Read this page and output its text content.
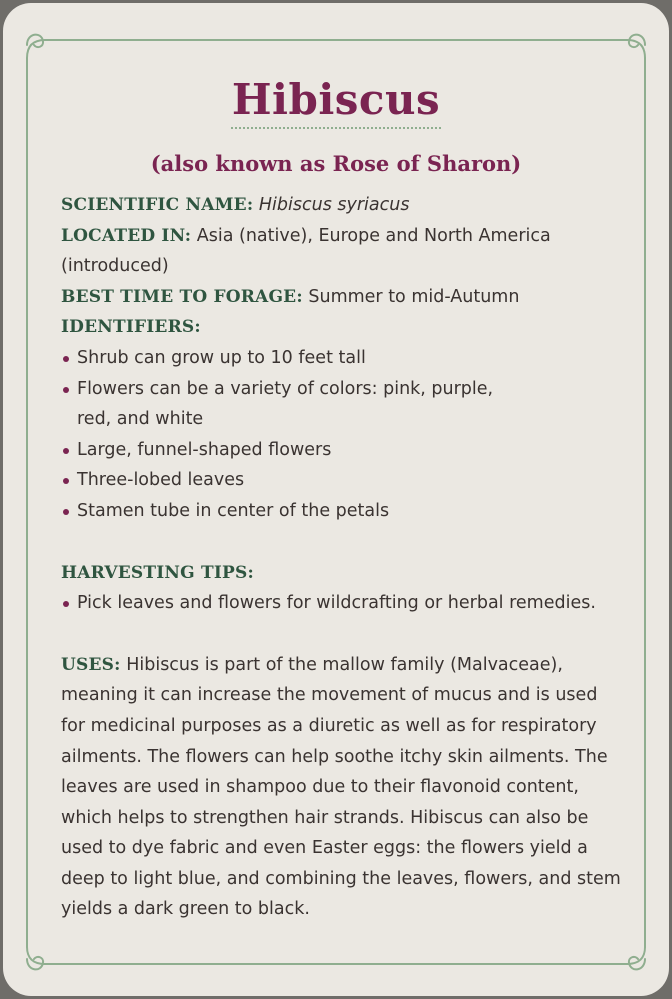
Hibiscus
(also known as Rose of Sharon)

SCIENTIFIC NAME: Hibiscus syriacus

LOCATED IN: Asia (native), Europe and North America (introduced)

BEST TIME TO FORAGE: Summer to mid-Autumn

IDENTIFIERS:

Shrub can grow up to 10 feet tall
Flowers can be a variety of colors: pink, purple, red, and white
Large, funnel-shaped flowers
Three-lobed leaves
Stamen tube in center of the petals

HARVESTING TIPS:

Pick leaves and flowers for wildcrafting or herbal remedies.

USES: Hibiscus is part of the mallow family (Malvaceae), meaning it can increase the movement of mucus and is used for medicinal purposes as a diuretic as well as for respiratory ailments. The flowers can help soothe itchy skin ailments. The leaves are used in shampoo due to their flavonoid content, which helps to strengthen hair strands. Hibiscus can also be used to dye fabric and even Easter eggs: the flowers yield a deep to light blue, and combining the leaves, flowers, and stem yields a dark green to black.
